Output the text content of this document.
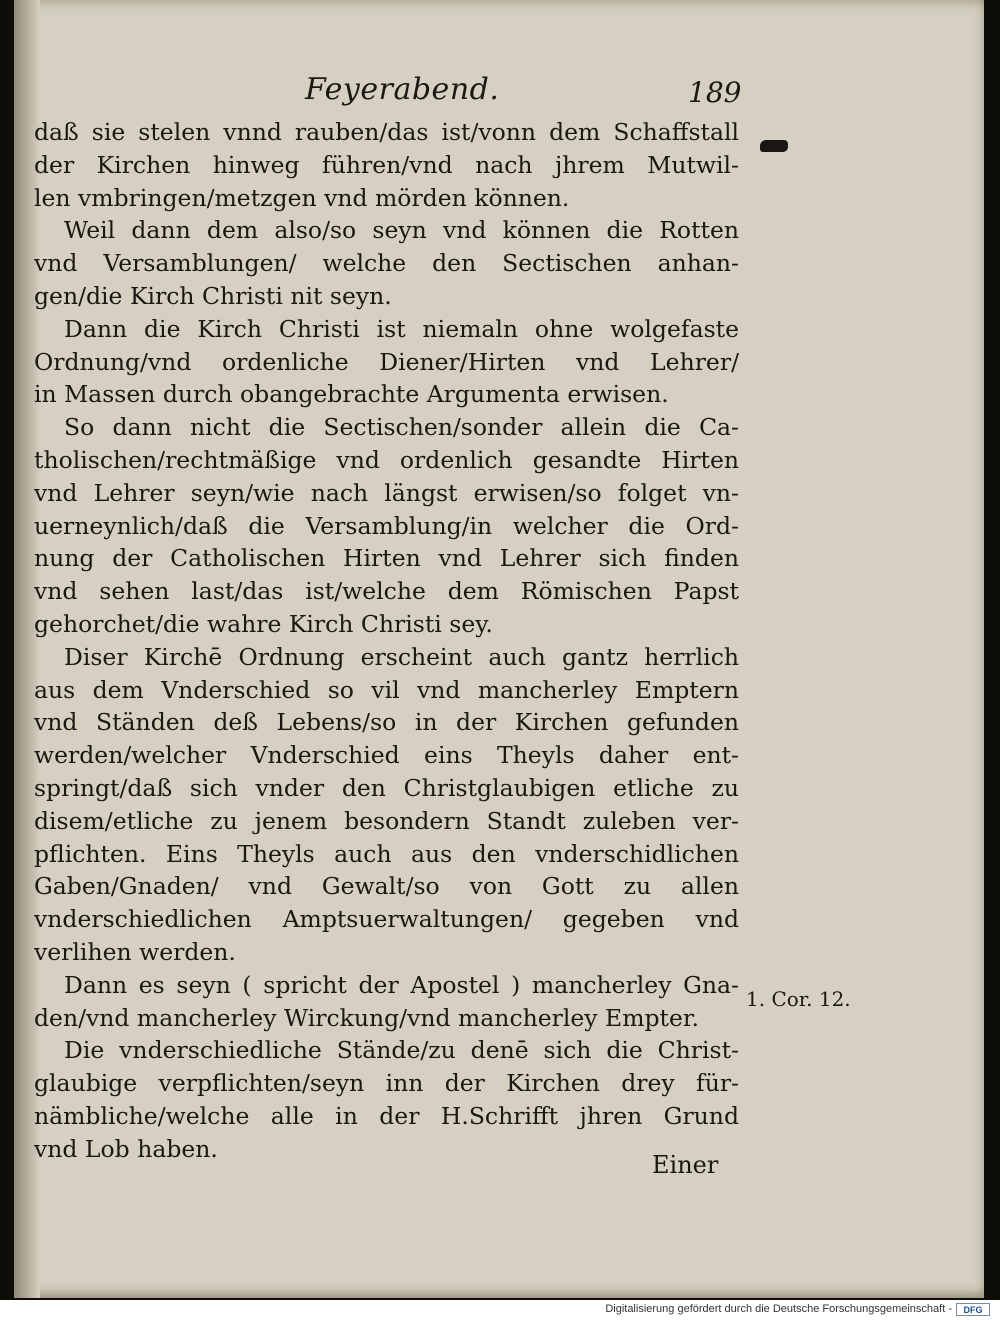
Feyerabend.	189
daß sie stelen vnnd rauben/das ist/vonn dem Schaffstall
der Kirchen hinweg führen/vnd nach jhrem Mutwil-
len vmbringen/metzgen vnd mörden können.
Weil dann dem also/so seyn vnd können die Rotten
vnd Versamblungen/ welche den Sectischen anhan-
gen/die Kirch Christi nit seyn.
Dann die Kirch Christi ist niemaln ohne wolgefaste
Ordnung/vnd ordenliche Diener/Hirten vnd Lehrer/
in Massen durch obangebrachte Argumenta erwisen.
So dann nicht die Sectischen/sonder allein die Ca-
tholischen/rechtmäßige vnd ordenlich gesandte Hirten
vnd Lehrer seyn/wie nach längst erwisen/so folget vn-
uerneynlich/daß die Versamblung/in welcher die Ord-
nung der Catholischen Hirten vnd Lehrer sich finden
vnd sehen last/das ist/welche dem Römischen Papst
gehorchet/die wahre Kirch Christi sey.
Diser Kirchē Ordnung erscheint auch gantz herrlich
aus dem Vnderschied so vil vnd mancherley Emptern
vnd Ständen deß Lebens/so in der Kirchen gefunden
werden/welcher Vnderschied eins Theyls daher ent-
springt/daß sich vnder den Christglaubigen etliche zu
disem/etliche zu jenem besondern Standt zuleben ver-
pflichten. Eins Theyls auch aus den vnderschidlichen
Gaben/Gnaden/ vnd Gewalt/so von Gott zu allen
vnderschiedlichen Amptsuerwaltungen/ gegeben vnd
verlihen werden.
Dann es seyn ( spricht der Apostel ) mancherley Gna-
den/vnd mancherley Wirckung/vnd mancherley Empter.
Die vnderschiedliche Stände/zu denē sich die Christ-
glaubige verpflichten/seyn inn der Kirchen drey für-
nämbliche/welche alle in der H.Schrifft jhren Grund
vnd Lob haben.
1. Cor. 12.
Einer
Digitalisierung gefördert durch die Deutsche Forschungsgemeinschaft -	DFG
